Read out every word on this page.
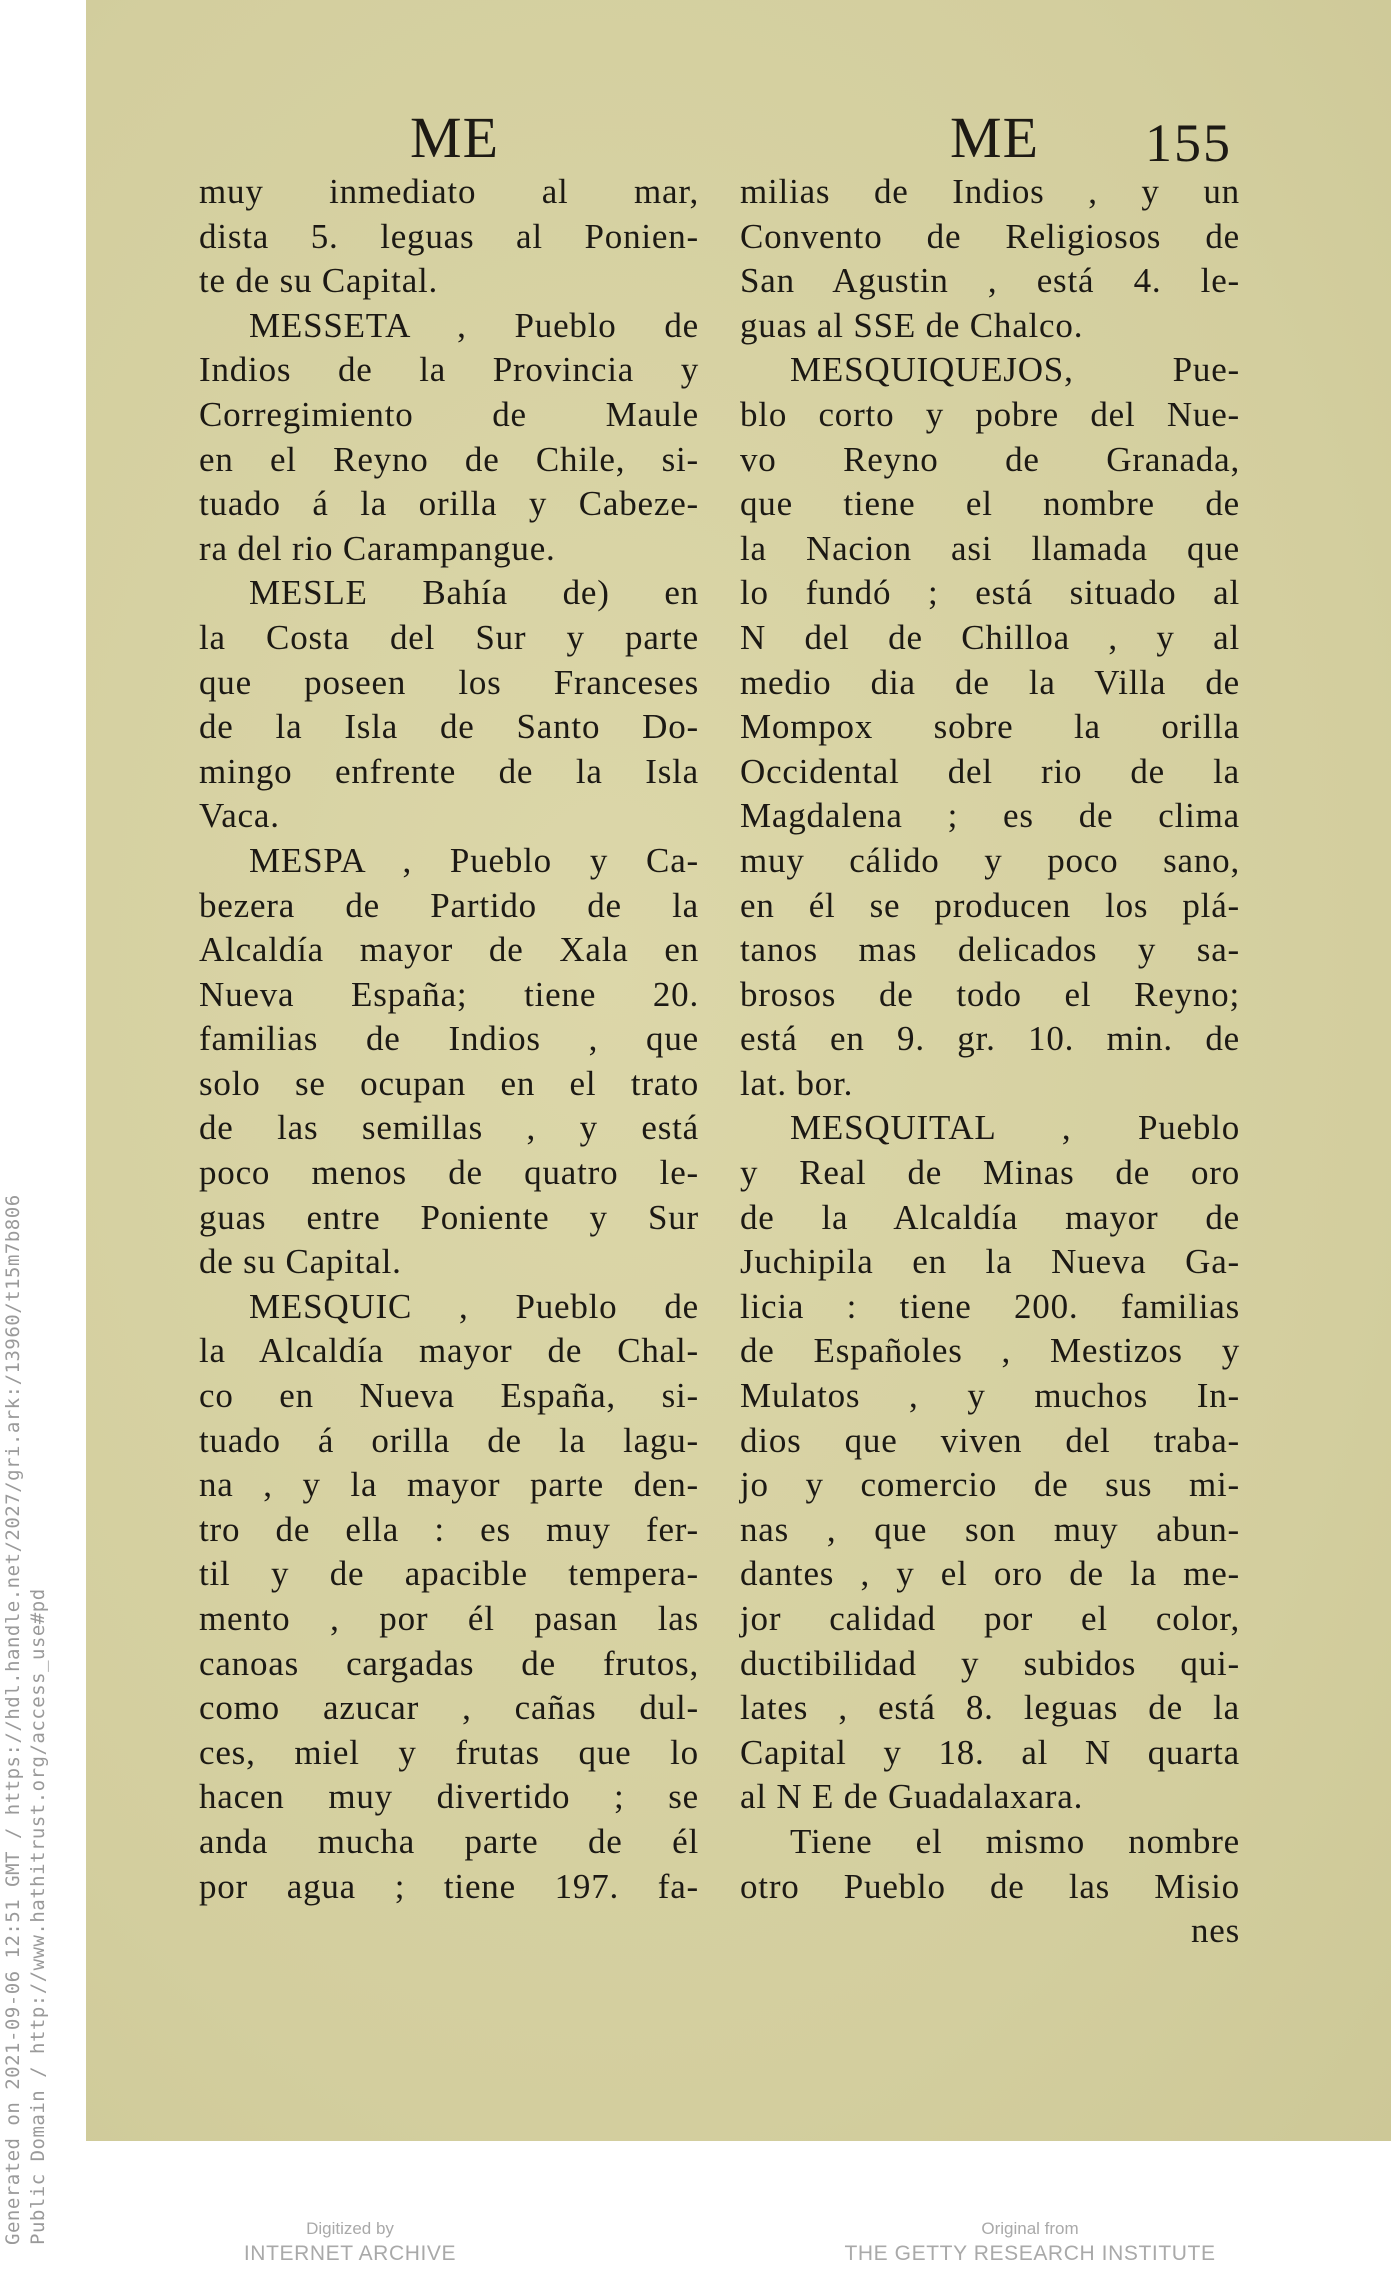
Generated on 2021-09-06 12:51 GMT / https://hdl.handle.net/2027/gri.ark:/13960/t15m7b806 Public Domain / http://www.hathitrust.org/access_use#pd
ME	ME 155
muy inmediato al mar,
dista 5. leguas al Ponien-
te de su Capital.
MESSETA , Pueblo de
Indios de la Provincia y
Corregimiento de Maule
en el Reyno de Chile, si-
tuado á la orilla y Cabeze-
ra del rio Carampangue.
MESLE Bahía de) en
la Costa del Sur y parte
que poseen los Franceses
de la Isla de Santo Do-
mingo enfrente de la Isla
Vaca.
MESPA , Pueblo y Ca-
bezera de Partido de la
Alcaldía mayor de Xala en
Nueva España; tiene 20.
familias de Indios , que
solo se ocupan en el trato
de las semillas , y está
poco menos de quatro le-
guas entre Poniente y Sur
de su Capital.
MESQUIC , Pueblo de
la Alcaldía mayor de Chal-
co en Nueva España, si-
tuado á orilla de la lagu-
na , y la mayor parte den-
tro de ella : es muy fer-
til y de apacible tempera-
mento , por él pasan las
canoas cargadas de frutos,
como azucar , cañas dul-
ces, miel y frutas que lo
hacen muy divertido ; se
anda mucha parte de él
por agua ; tiene 197. fa-
milias de Indios , y un
Convento de Religiosos de
San Agustin , está 4. le-
guas al SSE de Chalco.
MESQUIQUEJOS, Pue-
blo corto y pobre del Nue-
vo Reyno de Granada,
que tiene el nombre de
la Nacion asi llamada que
lo fundó ; está situado al
N del de Chilloa , y al
medio dia de la Villa de
Mompox sobre la orilla
Occidental del rio de la
Magdalena ; es de clima
muy cálido y poco sano,
en él se producen los plá-
tanos mas delicados y sa-
brosos de todo el Reyno;
está en 9. gr. 10. min. de
lat. bor.
MESQUITAL , Pueblo
y Real de Minas de oro
de la Alcaldía mayor de
Juchipila en la Nueva Ga-
licia : tiene 200. familias
de Españoles , Mestizos y
Mulatos , y muchos In-
dios que viven del traba-
jo y comercio de sus mi-
nas , que son muy abun-
dantes , y el oro de la me-
jor calidad por el color,
ductibilidad y subidos qui-
lates , está 8. leguas de la
Capital y 18. al N quarta
al N E de Guadalaxara.
Tiene el mismo nombre
otro Pueblo de las Misio
nes
Digitized by
INTERNET ARCHIVE
Original from
THE GETTY RESEARCH INSTITUTE
